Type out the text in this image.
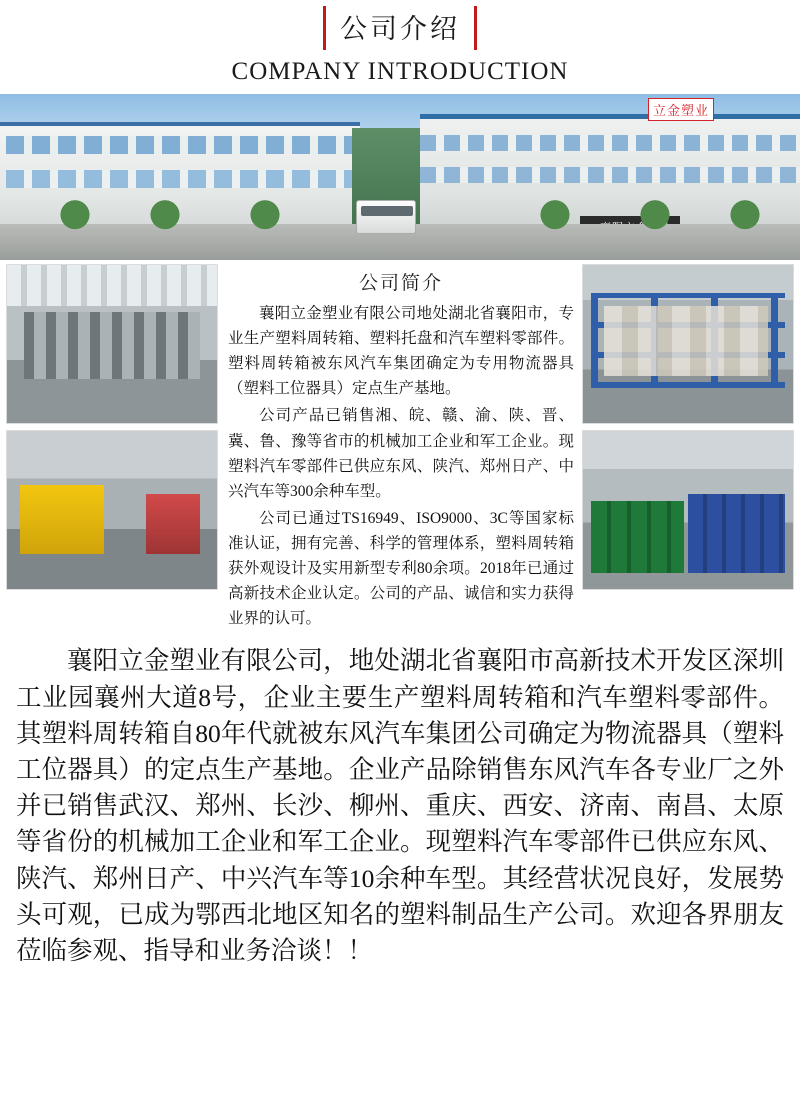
公司介绍
COMPANY INTRODUCTION
立金塑业
公司简介

襄阳立金塑业有限公司地处湖北省襄阳市，专业生产塑料周转箱、塑料托盘和汽车塑料零部件。塑料周转箱被东风汽车集团确定为专用物流器具（塑料工位器具）定点生产基地。

公司产品已销售湘、皖、赣、渝、陕、晋、冀、鲁、豫等省市的机械加工企业和军工企业。现塑料汽车零部件已供应东风、陕汽、郑州日产、中兴汽车等300余种车型。

公司已通过TS16949、ISO9000、3C等国家标准认证，拥有完善、科学的管理体系，塑料周转箱获外观设计及实用新型专利80余项。2018年已通过高新技术企业认定。公司的产品、诚信和实力获得业界的认可。

襄阳立金塑业有限公司，地处湖北省襄阳市高新技术开发区深圳工业园襄州大道8号，企业主要生产塑料周转箱和汽车塑料零部件。其塑料周转箱自80年代就被东风汽车集团公司确定为物流器具（塑料工位器具）的定点生产基地。企业产品除销售东风汽车各专业厂之外并已销售武汉、郑州、长沙、柳州、重庆、西安、济南、南昌、太原等省份的机械加工企业和军工企业。现塑料汽车零部件已供应东风、陕汽、郑州日产、中兴汽车等10余种车型。其经营状况良好，发展势头可观，已成为鄂西北地区知名的塑料制品生产公司。欢迎各界朋友莅临参观、指导和业务洽谈！！
